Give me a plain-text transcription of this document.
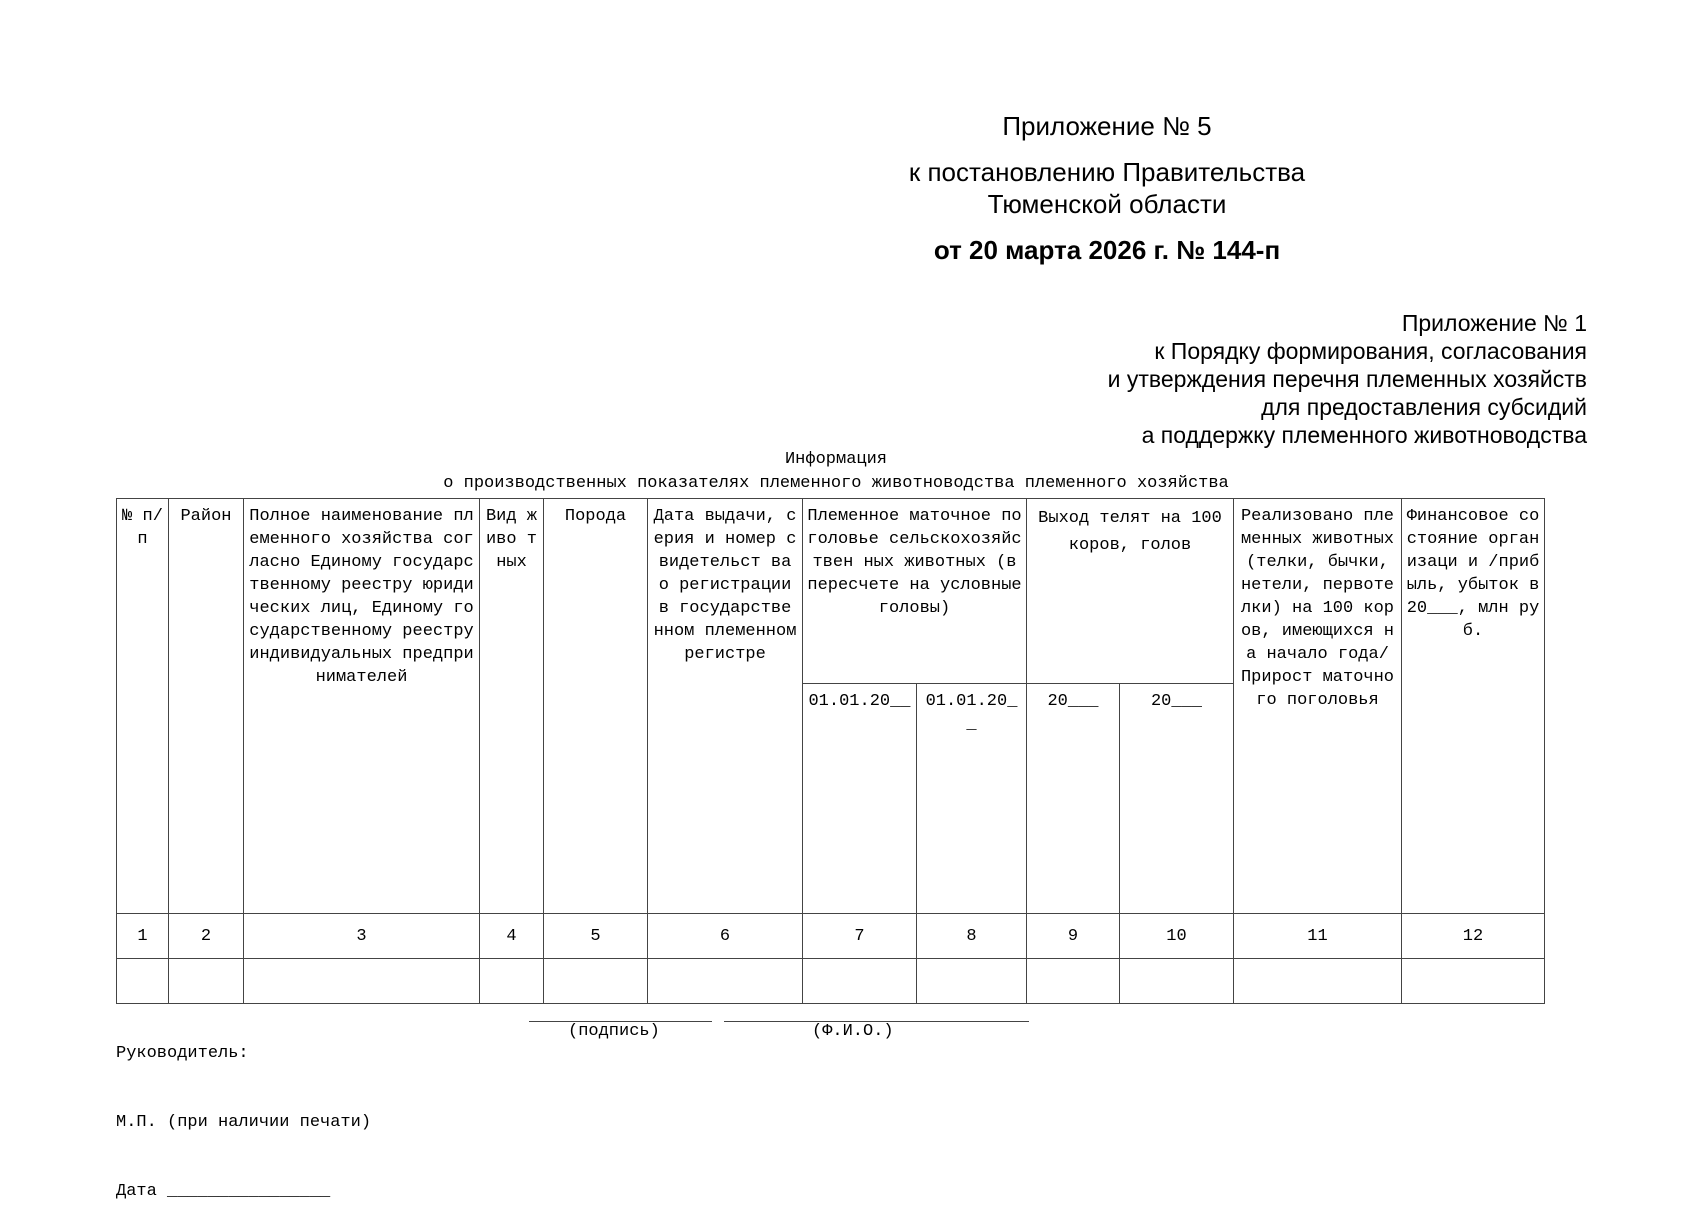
Приложение № 5
к постановлению Правительства
Тюменской области
от 20 марта 2026 г. № 144-п
Приложение № 1
к Порядку формирования, согласования
и утверждения перечня племенных хозяйств
для предоставления субсидий
а поддержку племенного животноводства
Информация
о производственных показателях племенного животноводства племенного хозяйства
№ п/п	Район	Полное наименование племенного хозяйства согласно Единому государственному реестру юридических лиц, Единому государственному реестру индивидуальных предпринимателей	Вид живо тных	Порода	Дата выдачи, серия и номер свидетельст ва о регистрации в государстве нном племенном регистре	Племенное маточное поголовье сельскохозяйствен ных животных (в пересчете на условные головы)		Выход телят на 100 коров, голов		Реализовано племенных животных (телки, бычки, нетели, первотелки) на 100 коров, имеющихся на начало года/ Прирост маточного поголовья	Финансовое состояние организаци и /прибыль, убыток в 20___, млн руб.
						01.01.20__	01.01.20__	20___	20___		
1	2	3	4	5	6	7	8	9	10	11	12

Руководитель:

М.П. (при наличии печати)

Дата ________________

(подпись)	(Ф.И.О.)
